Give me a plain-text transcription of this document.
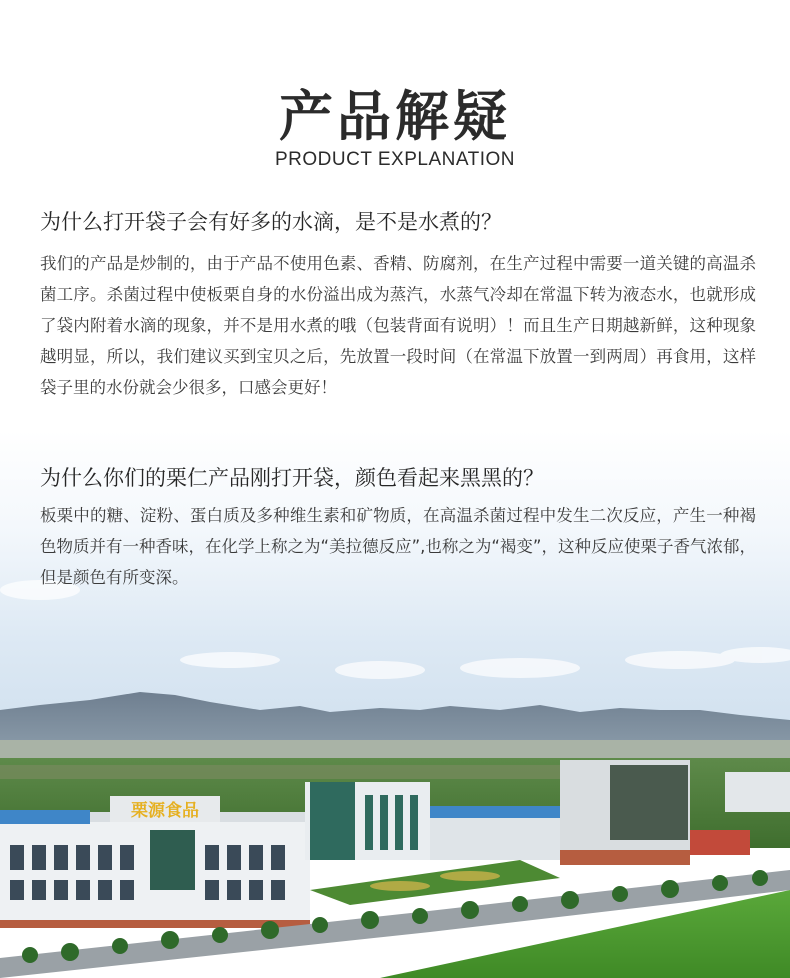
栗源食品
产品解疑
PRODUCT EXPLANATION
为什么打开袋子会有好多的水滴，是不是水煮的？
我们的产品是炒制的，由于产品不使用色素、香精、防腐剂，在生产过程中需要一道关键的高温杀菌工序。杀菌过程中使板栗自身的水份溢出成为蒸汽，水蒸气冷却在常温下转为液态水，也就形成了袋内附着水滴的现象，并不是用水煮的哦（包装背面有说明）！而且生产日期越新鲜，这种现象越明显，所以，我们建议买到宝贝之后，先放置一段时间（在常温下放置一到两周）再食用，这样袋子里的水份就会少很多，口感会更好！
为什么你们的栗仁产品刚打开袋，颜色看起来黑黑的？
板栗中的糖、淀粉、蛋白质及多种维生素和矿物质，在高温杀菌过程中发生二次反应，产生一种褐色物质并有一种香味，在化学上称之为“美拉德反应”,也称之为“褐变”，这种反应使栗子香气浓郁，但是颜色有所变深。
